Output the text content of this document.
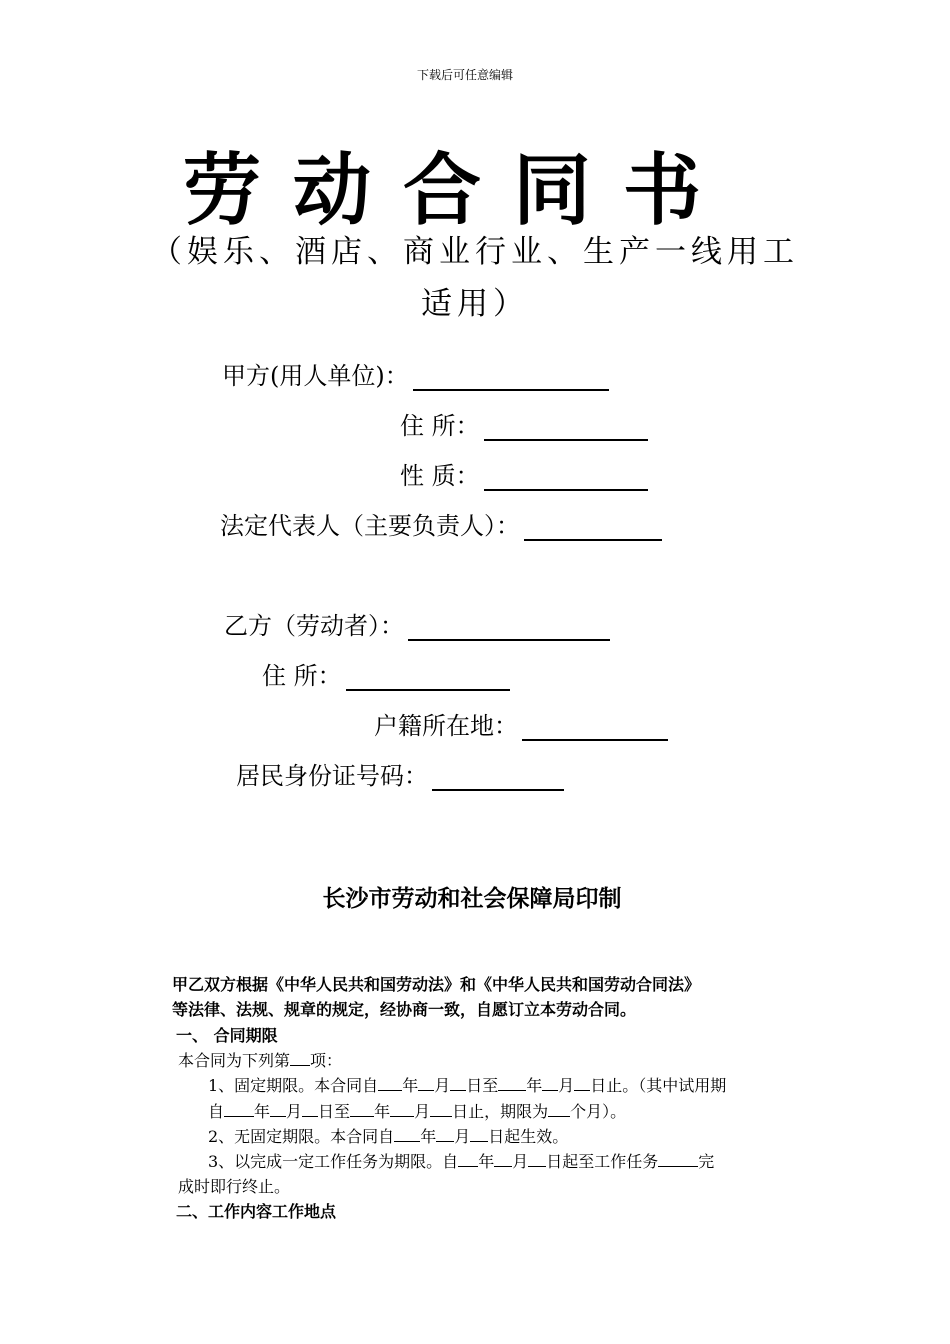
下载后可任意编辑
劳动合同书
（娱乐、酒店、商业行业、生产一线用工适用）
甲方(用人单位)：
住 所：
性 质：
法定代表人（主要负责人）：
乙方（劳动者）：
住 所：
户籍所在地：
居民身份证号码：
长沙市劳动和社会保障局印制
甲乙双方根据《中华人民共和国劳动法》和《中华人民共和国劳动合同法》
等法律、法规、规章的规定，经协商一致，自愿订立本劳动合同。
一、 合同期限
本合同为下列第 项：
1、固定期限。本合同自 年 月 日至 年 月 日止。（其中试用期
自 年 月 日至 年 月 日止，期限为 个月）。
2、无固定期限。本合同自 年 月 日起生效。
3、以完成一定工作任务为期限。自 年 月 日起至工作任务	完
成时即行终止。
二、工作内容工作地点
